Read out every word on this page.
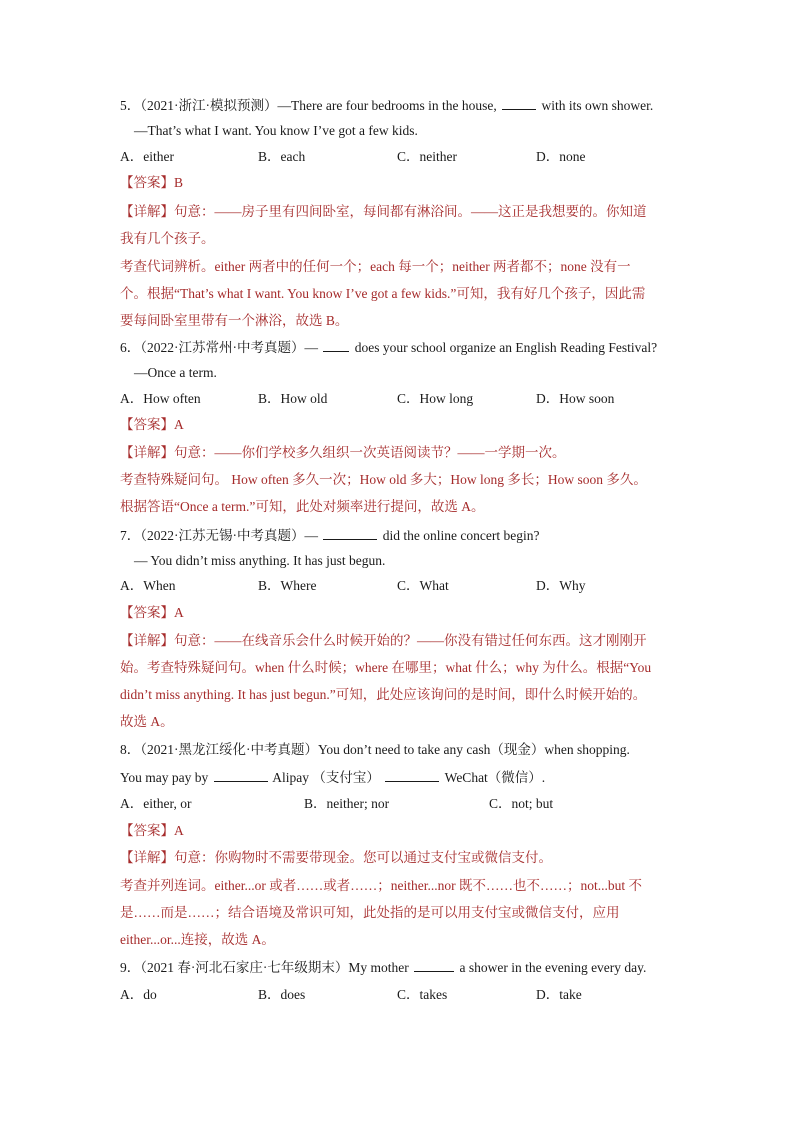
5．（2021·浙江·模拟预测）—There are four bedrooms in the house,	with its own shower.
—That’s what I want. You know I’ve got a few kids.
A．either	B．each	C．neither	D．none
【答案】B
【详解】句意：——房子里有四间卧室，每间都有淋浴间。——这正是我想要的。你知道
我有几个孩子。
考查代词辨析。either 两者中的任何一个；each 每一个；neither 两者都不；none 没有一
个。根据“That’s what I want. You know I’ve got a few kids.”可知，我有好几个孩子，因此需
要每间卧室里带有一个淋浴，故选 B。
6．（2022·江苏常州·中考真题）—	does your school organize an English Reading Festival?
—Once a term.
A．How often	B．How old	C．How long	D．How soon
【答案】A
【详解】句意：——你们学校多久组织一次英语阅读节？——一学期一次。
考查特殊疑问句。 How often 多久一次；How old 多大；How long 多长；How soon 多久。
根据答语“Once a term.”可知，此处对频率进行提问，故选 A。
7．（2022·江苏无锡·中考真题）—	did the online concert begin?
— You didn’t miss anything. It has just begun.
A．When	B．Where	C．What	D．Why
【答案】A
【详解】句意：——在线音乐会什么时候开始的？——你没有错过任何东西。这才刚刚开
始。考查特殊疑问句。when 什么时候；where 在哪里；what 什么；why 为什么。根据“You
didn’t miss anything. It has just begun.”可知，此处应该询问的是时间，即什么时候开始的。
故选 A。
8．（2021·黑龙江绥化·中考真题）You don’t need to take any cash（现金）when shopping.
You may pay by	Alipay （支付宝）	WeChat（微信）.
A．either, or	B．neither; nor	C．not; but
【答案】A
【详解】句意：你购物时不需要带现金。您可以通过支付宝或微信支付。
考查并列连词。either...or 或者……或者……；neither...nor 既不……也不……；not...but 不
是……而是……；结合语境及常识可知，此处指的是可以用支付宝或微信支付，应用
either...or...连接，故选 A。
9．（2021 春·河北石家庄·七年级期末）My mother	a shower in the evening every day.
A．do	B．does	C．takes	D．take
